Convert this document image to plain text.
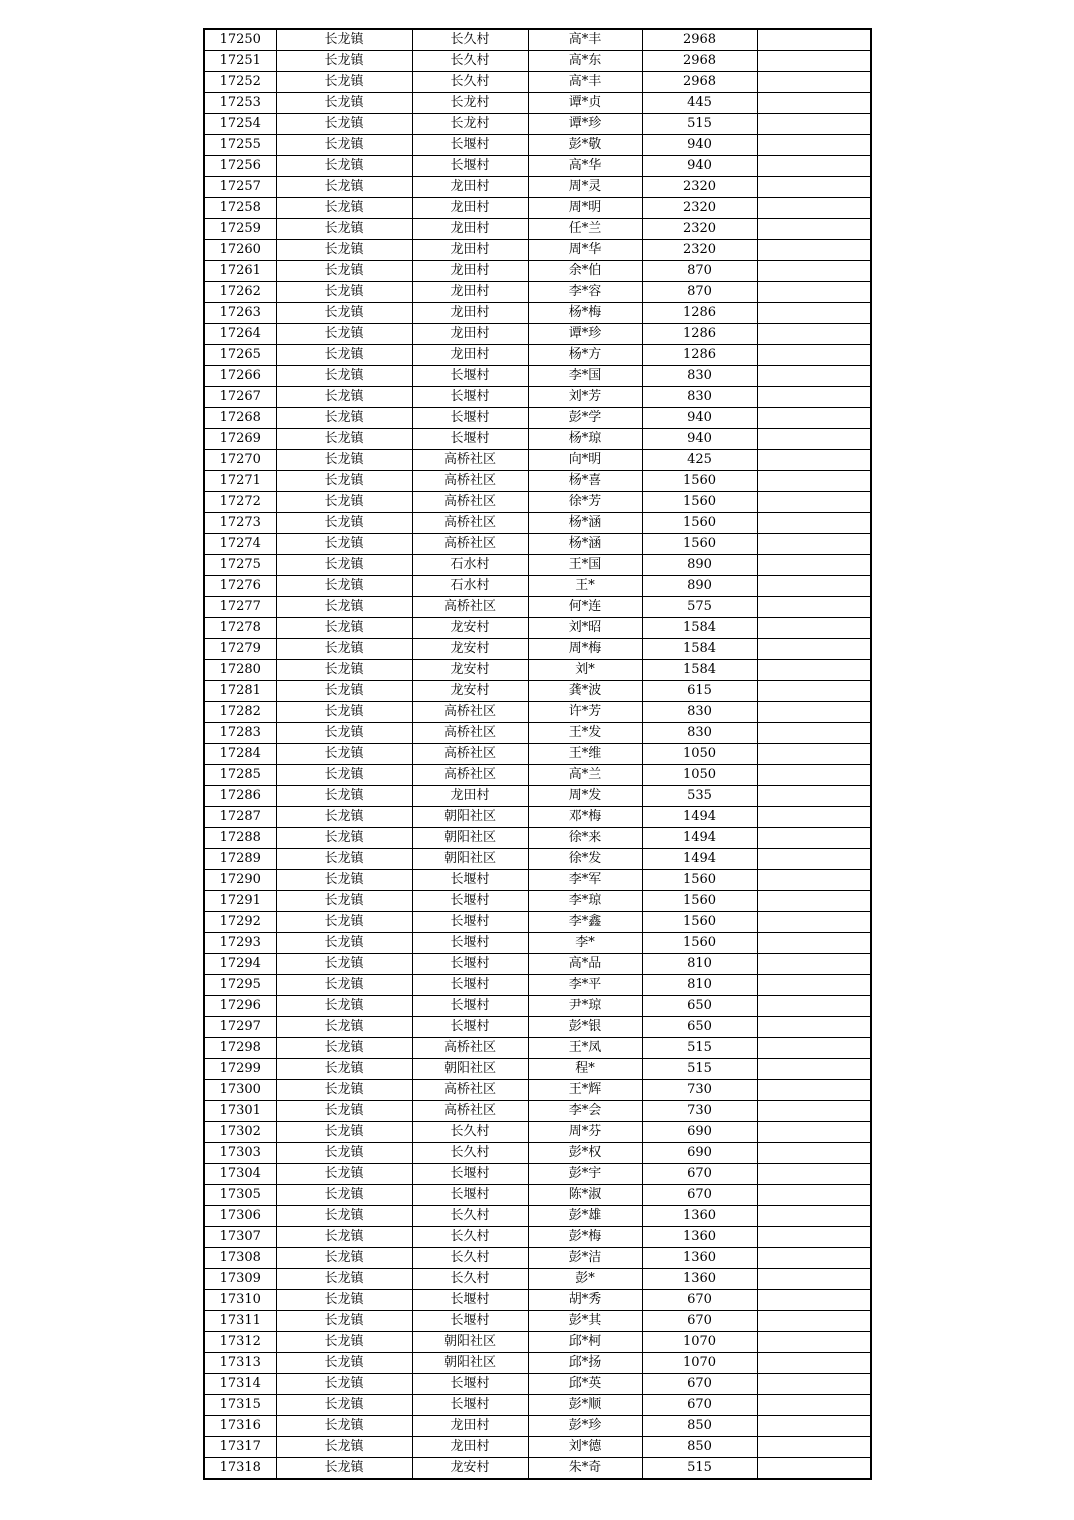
17250	长龙镇	长久村	高*丰	2968	
17251	长龙镇	长久村	高*东	2968	
17252	长龙镇	长久村	高*丰	2968	
17253	长龙镇	长龙村	谭*贞	445	
17254	长龙镇	长龙村	谭*珍	515	
17255	长龙镇	长堰村	彭*敬	940	
17256	长龙镇	长堰村	高*华	940	
17257	长龙镇	龙田村	周*灵	2320	
17258	长龙镇	龙田村	周*明	2320	
17259	长龙镇	龙田村	任*兰	2320	
17260	长龙镇	龙田村	周*华	2320	
17261	长龙镇	龙田村	余*伯	870	
17262	长龙镇	龙田村	李*容	870	
17263	长龙镇	龙田村	杨*梅	1286	
17264	长龙镇	龙田村	谭*珍	1286	
17265	长龙镇	龙田村	杨*方	1286	
17266	长龙镇	长堰村	李*国	830	
17267	长龙镇	长堰村	刘*芳	830	
17268	长龙镇	长堰村	彭*学	940	
17269	长龙镇	长堰村	杨*琼	940	
17270	长龙镇	高桥社区	向*明	425	
17271	长龙镇	高桥社区	杨*喜	1560	
17272	长龙镇	高桥社区	徐*芳	1560	
17273	长龙镇	高桥社区	杨*涵	1560	
17274	长龙镇	高桥社区	杨*涵	1560	
17275	长龙镇	石水村	王*国	890	
17276	长龙镇	石水村	王*	890	
17277	长龙镇	高桥社区	何*连	575	
17278	长龙镇	龙安村	刘*昭	1584	
17279	长龙镇	龙安村	周*梅	1584	
17280	长龙镇	龙安村	刘*	1584	
17281	长龙镇	龙安村	龚*波	615	
17282	长龙镇	高桥社区	许*芳	830	
17283	长龙镇	高桥社区	王*发	830	
17284	长龙镇	高桥社区	王*维	1050	
17285	长龙镇	高桥社区	高*兰	1050	
17286	长龙镇	龙田村	周*发	535	
17287	长龙镇	朝阳社区	邓*梅	1494	
17288	长龙镇	朝阳社区	徐*来	1494	
17289	长龙镇	朝阳社区	徐*发	1494	
17290	长龙镇	长堰村	李*军	1560	
17291	长龙镇	长堰村	李*琼	1560	
17292	长龙镇	长堰村	李*鑫	1560	
17293	长龙镇	长堰村	李*	1560	
17294	长龙镇	长堰村	高*品	810	
17295	长龙镇	长堰村	李*平	810	
17296	长龙镇	长堰村	尹*琼	650	
17297	长龙镇	长堰村	彭*银	650	
17298	长龙镇	高桥社区	王*凤	515	
17299	长龙镇	朝阳社区	程*	515	
17300	长龙镇	高桥社区	王*辉	730	
17301	长龙镇	高桥社区	李*会	730	
17302	长龙镇	长久村	周*芬	690	
17303	长龙镇	长久村	彭*权	690	
17304	长龙镇	长堰村	彭*宇	670	
17305	长龙镇	长堰村	陈*淑	670	
17306	长龙镇	长久村	彭*雄	1360	
17307	长龙镇	长久村	彭*梅	1360	
17308	长龙镇	长久村	彭*洁	1360	
17309	长龙镇	长久村	彭*	1360	
17310	长龙镇	长堰村	胡*秀	670	
17311	长龙镇	长堰村	彭*其	670	
17312	长龙镇	朝阳社区	邱*柯	1070	
17313	长龙镇	朝阳社区	邱*扬	1070	
17314	长龙镇	长堰村	邱*英	670	
17315	长龙镇	长堰村	彭*顺	670	
17316	长龙镇	龙田村	彭*珍	850	
17317	长龙镇	龙田村	刘*德	850	
17318	长龙镇	龙安村	朱*奇	515	
